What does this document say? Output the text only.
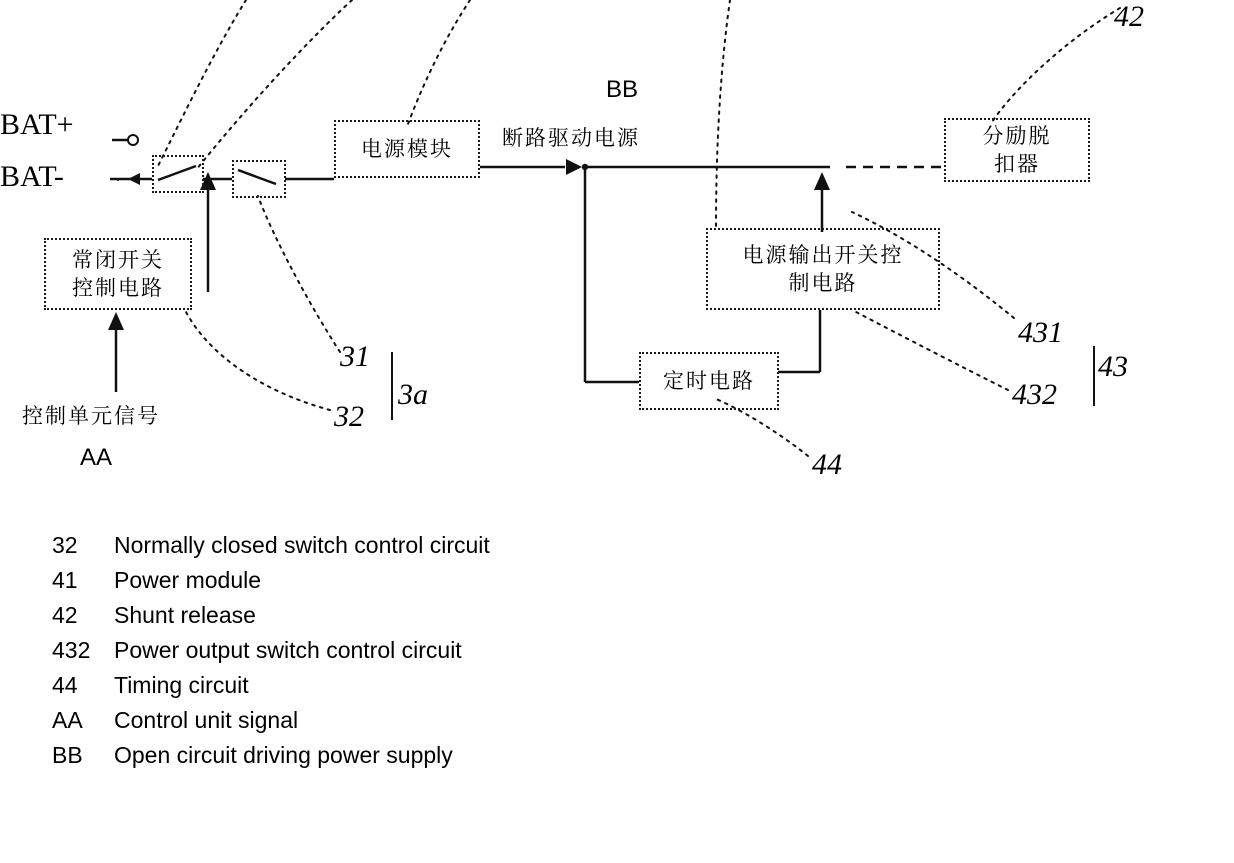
BAT+
BAT-
电源模块
分励脱
扣器
常闭开关
控制电路
电源输出开关控
制电路
定时电路
断路驱动电源
控制单元信号
BB
AA
42
31
32
3a
431
432
43
44
32	Normally closed switch control circuit
41	Power module
42	Shunt release
432	Power output switch control circuit
44	Timing circuit
AA	Control unit signal
BB	Open circuit driving power supply
